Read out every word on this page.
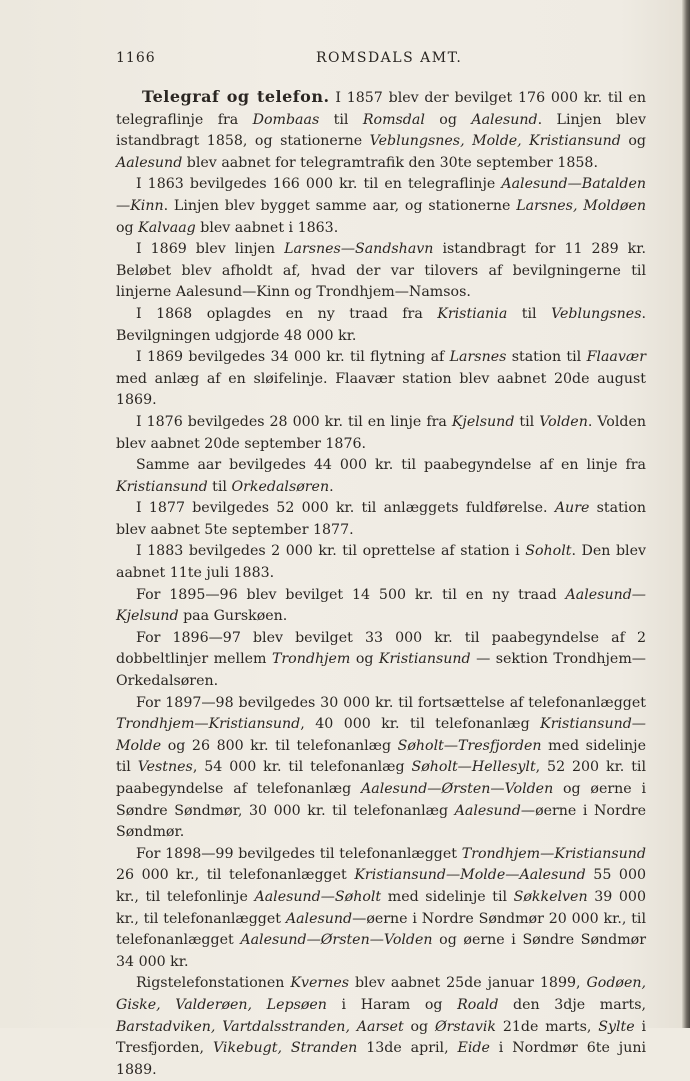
1166	ROMSDALS AMT.

Telegraf og telefon. I 1857 blev der bevilget 176 000 kr. til en telegraflinje fra Dombaas til Romsdal og Aalesund. Linjen blev istandbragt 1858, og stationerne Veblungsnes, Molde, Kristiansund og Aalesund blev aabnet for telegramtrafik den 30te september 1858.

I 1863 bevilgedes 166 000 kr. til en telegraflinje Aalesund—Batalden—Kinn. Linjen blev bygget samme aar, og stationerne Larsnes, Moldøen og Kalvaag blev aabnet i 1863.

I 1869 blev linjen Larsnes—Sandshavn istandbragt for 11 289 kr. Beløbet blev afholdt af, hvad der var tilovers af bevilgningerne til linjerne Aalesund—Kinn og Trondhjem—Namsos.

I 1868 oplagdes en ny traad fra Kristiania til Veblungsnes. Bevilgningen udgjorde 48 000 kr.

I 1869 bevilgedes 34 000 kr. til flytning af Larsnes station til Flaavær med anlæg af en sløifelinje. Flaavær station blev aabnet 20de august 1869.

I 1876 bevilgedes 28 000 kr. til en linje fra Kjelsund til Volden. Volden blev aabnet 20de september 1876.

Samme aar bevilgedes 44 000 kr. til paabegyndelse af en linje fra Kristiansund til Orkedalsøren.

I 1877 bevilgedes 52 000 kr. til anlæggets fuldførelse. Aure station blev aabnet 5te september 1877.

I 1883 bevilgedes 2 000 kr. til oprettelse af station i Soholt. Den blev aabnet 11te juli 1883.

For 1895—96 blev bevilget 14 500 kr. til en ny traad Aalesund—Kjelsund paa Gurskøen.

For 1896—97 blev bevilget 33 000 kr. til paabegyndelse af 2 dobbeltlinjer mellem Trondhjem og Kristiansund — sektion Trondhjem—Orkedalsøren.

For 1897—98 bevilgedes 30 000 kr. til fortsættelse af telefonanlægget Trondhjem—Kristiansund, 40 000 kr. til telefonanlæg Kristiansund—Molde og 26 800 kr. til telefonanlæg Søholt—Tresfjorden med sidelinje til Vestnes, 54 000 kr. til telefonanlæg Søholt—Hellesylt, 52 200 kr. til paabegyndelse af telefonanlæg Aalesund—Ørsten—Volden og øerne i Søndre Søndmør, 30 000 kr. til telefonanlæg Aalesund—øerne i Nordre Søndmør.

For 1898—99 bevilgedes til telefonanlægget Trondhjem—Kristiansund 26 000 kr., til telefonanlægget Kristiansund—Molde—Aalesund 55 000 kr., til telefonlinje Aalesund—Søholt med sidelinje til Søkkelven 39 000 kr., til telefonanlægget Aalesund—øerne i Nordre Søndmør 20 000 kr., til telefonanlægget Aalesund—Ørsten—Volden og øerne i Søndre Søndmør 34 000 kr.

Rigstelefonstationen Kvernes blev aabnet 25de januar 1899, Godøen, Giske, Valderøen, Lepsøen i Haram og Roald den 3dje marts, Barstadviken, Vartdalsstranden, Aarset og Ørstavik 21de marts, Sylte i Tresfjorden, Vikebugt, Stranden 13de april, Eide i Nordmør 6te juni 1889.
